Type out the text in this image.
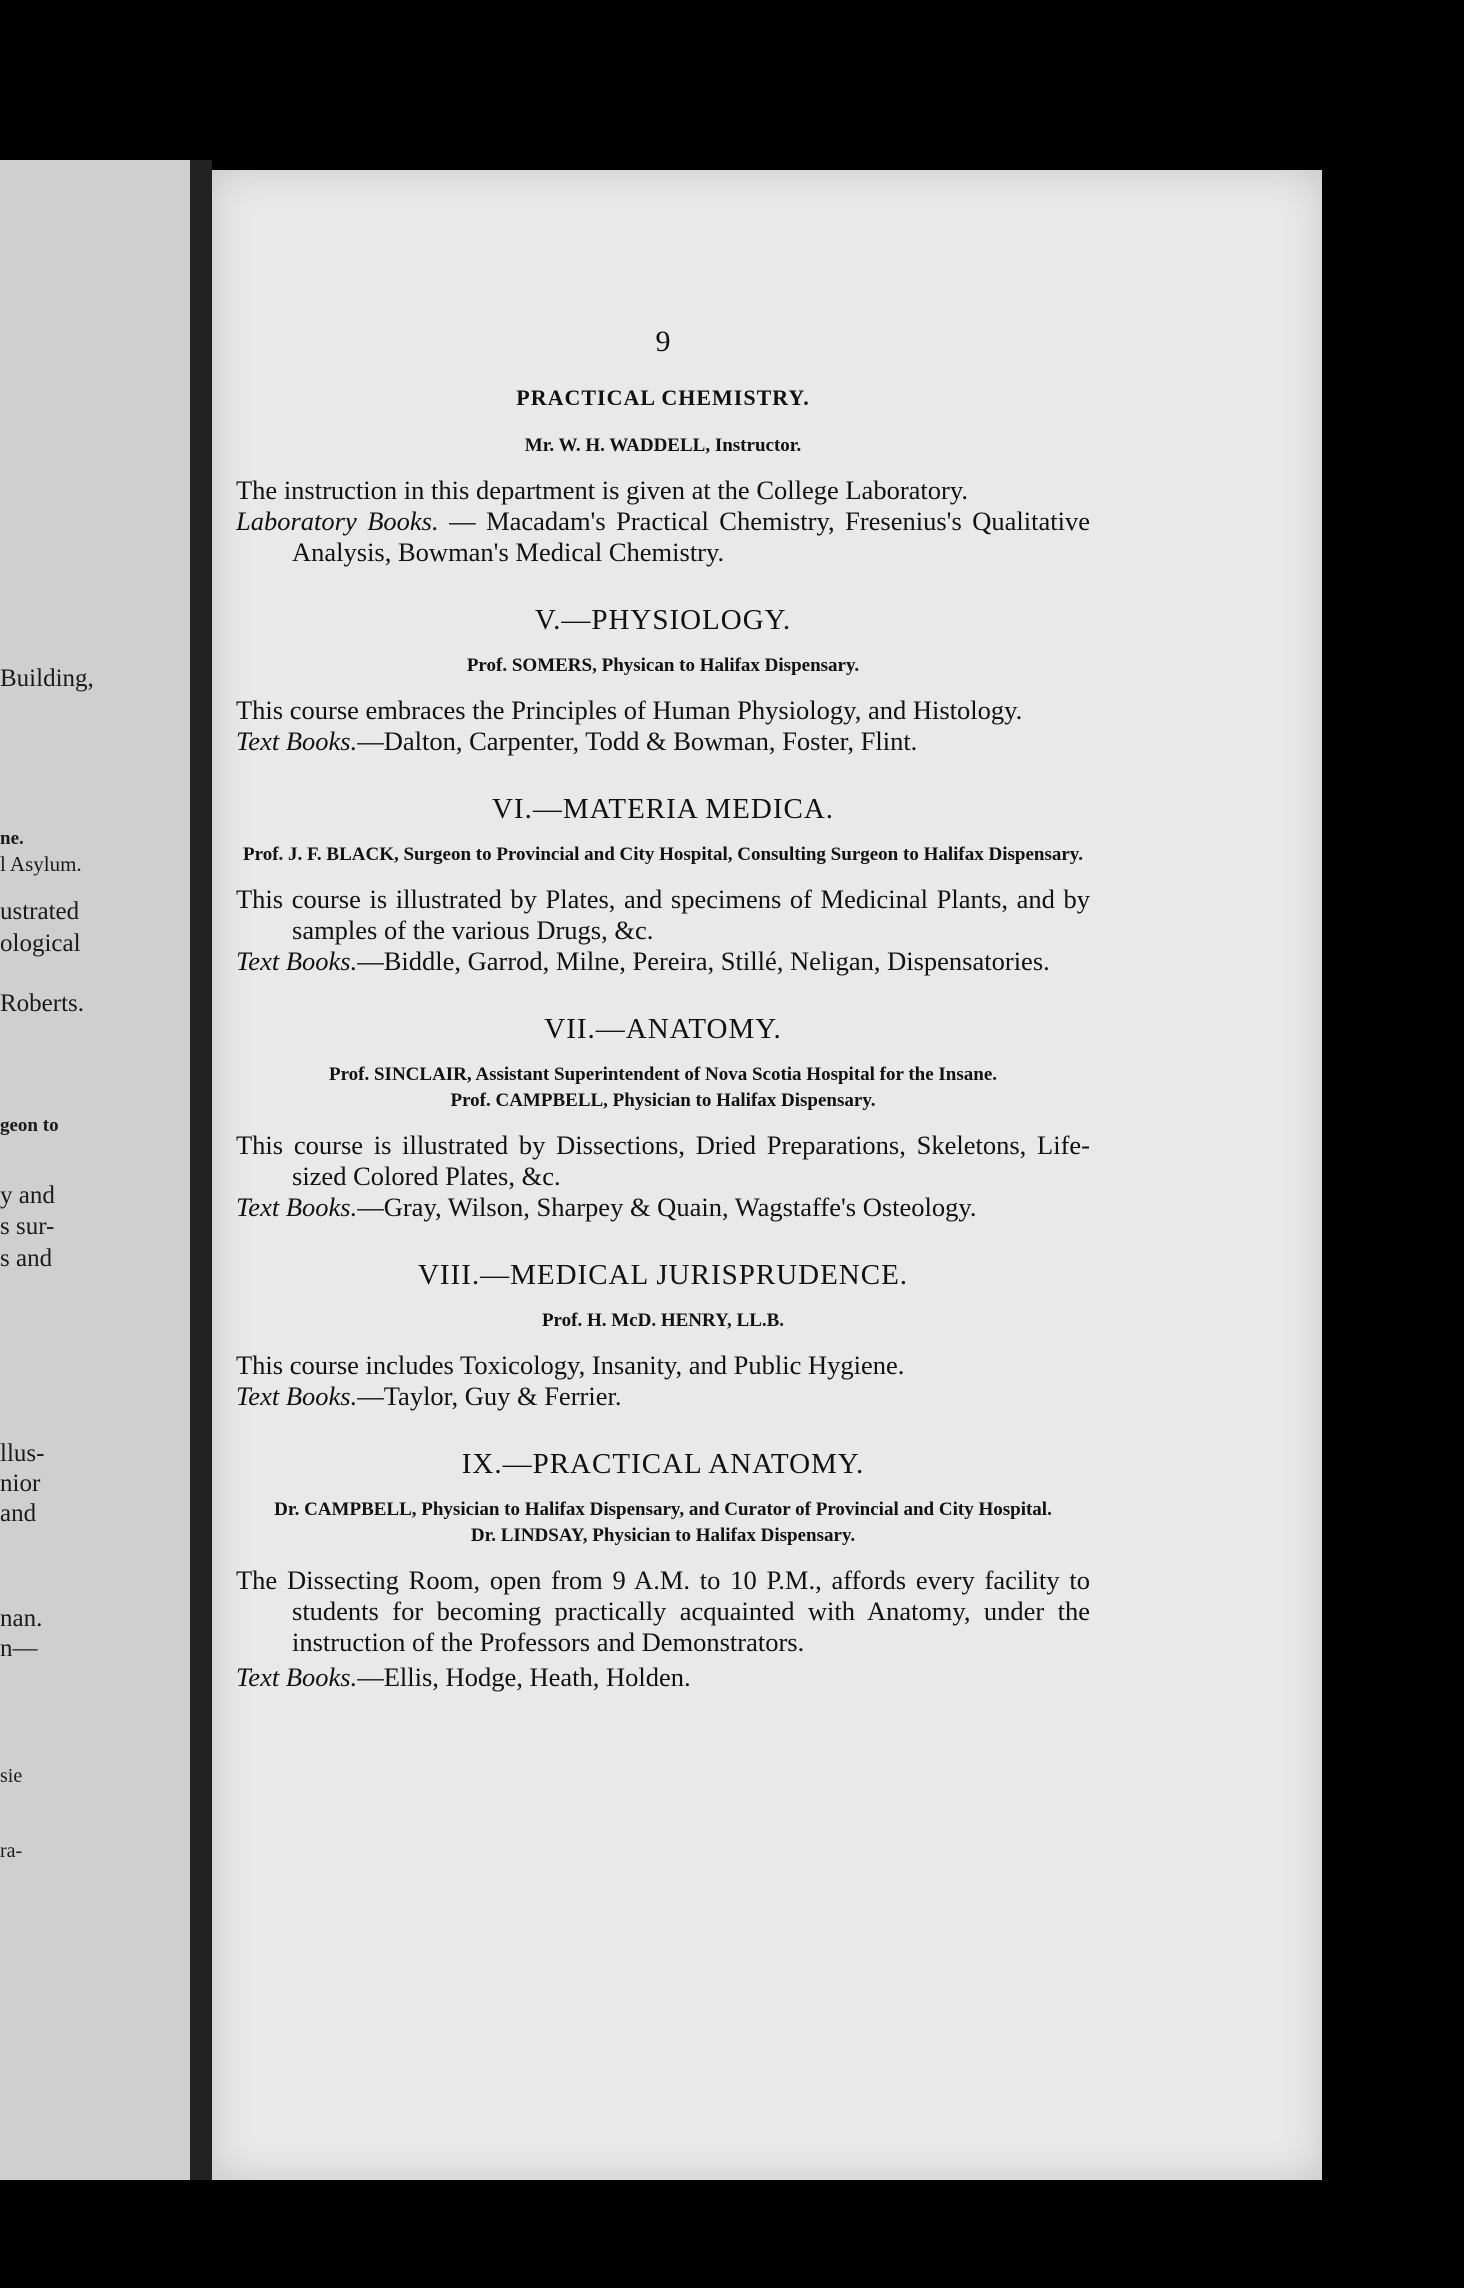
Building,
ne.
l Asylum.
ustrated
ological
Roberts.
geon to
y and
s sur-
s and
llus-
nior
and
nan.
n—
sie
ra-
9
PRACTICAL CHEMISTRY.
Mr. W. H. WADDELL, Instructor.

The instruction in this department is given at the College Laboratory.

Laboratory Books. — Macadam's Practical Chemistry, Fresenius's Qualitative Analysis, Bowman's Medical Chemistry.

V.—PHYSIOLOGY.
Prof. SOMERS, Physican to Halifax Dispensary.

This course embraces the Principles of Human Physiology, and Histology.

Text Books.—Dalton, Carpenter, Todd & Bowman, Foster, Flint.

VI.—MATERIA MEDICA.
Prof. J. F. BLACK, Surgeon to Provincial and City Hospital, Consulting Surgeon to Halifax Dispensary.

This course is illustrated by Plates, and specimens of Medicinal Plants, and by samples of the various Drugs, &c.

Text Books.—Biddle, Garrod, Milne, Pereira, Stillé, Neligan, Dispensatories.

VII.—ANATOMY.
Prof. SINCLAIR, Assistant Superintendent of Nova Scotia Hospital for the Insane.
Prof. CAMPBELL, Physician to Halifax Dispensary.

This course is illustrated by Dissections, Dried Preparations, Skeletons, Life-sized Colored Plates, &c.

Text Books.—Gray, Wilson, Sharpey & Quain, Wagstaffe's Osteology.

VIII.—MEDICAL JURISPRUDENCE.
Prof. H. McD. HENRY, LL.B.

This course includes Toxicology, Insanity, and Public Hygiene.

Text Books.—Taylor, Guy & Ferrier.

IX.—PRACTICAL ANATOMY.
Dr. CAMPBELL, Physician to Halifax Dispensary, and Curator of Provincial and City Hospital.
Dr. LINDSAY, Physician to Halifax Dispensary.

The Dissecting Room, open from 9 A.M. to 10 P.M., affords every facility to students for becoming practically acquainted with Anatomy, under the instruction of the Professors and Demonstrators.

Text Books.—Ellis, Hodge, Heath, Holden.
